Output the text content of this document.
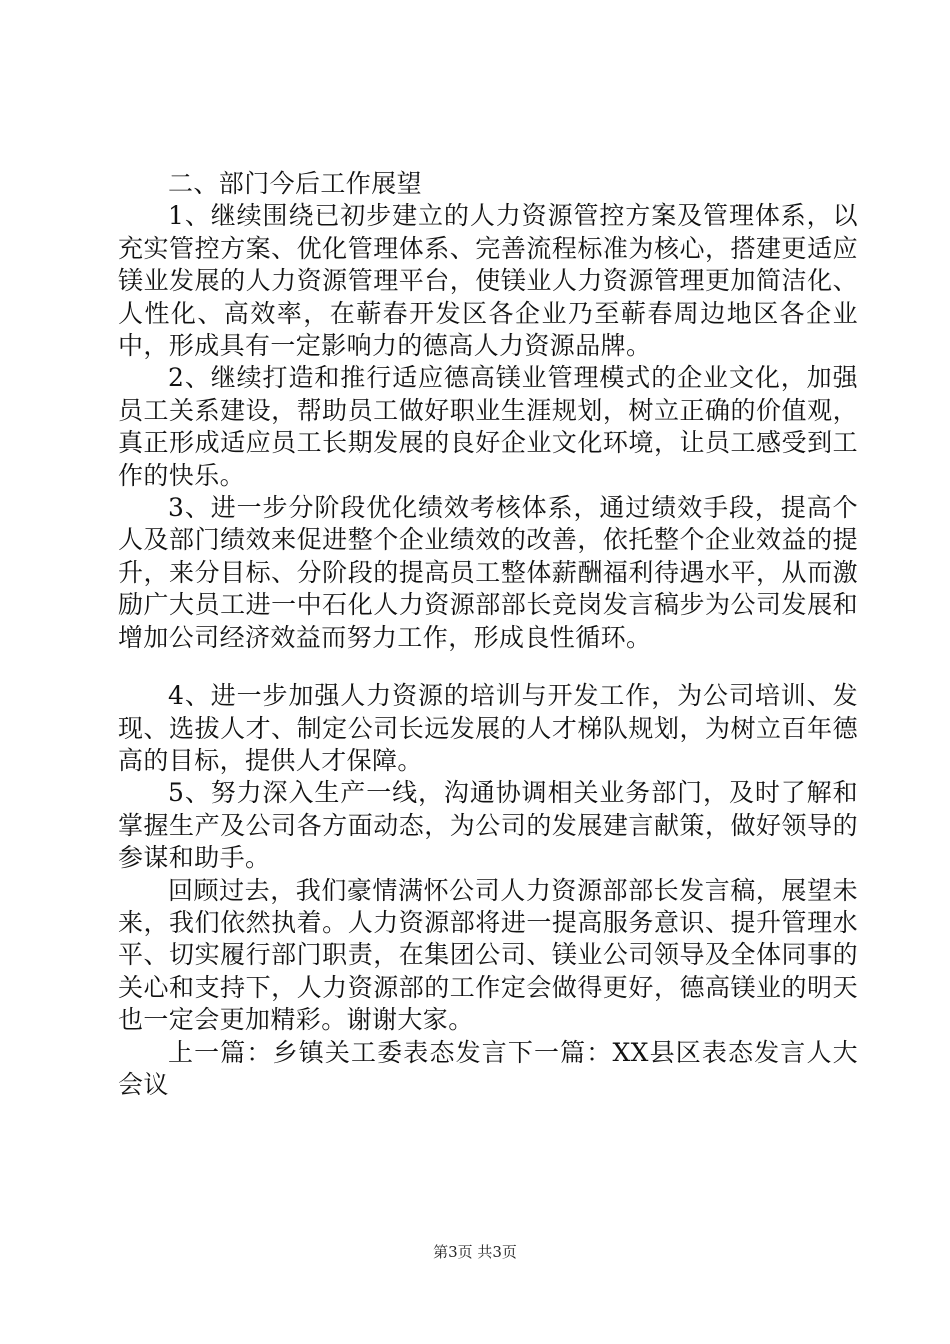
二、部门今后工作展望

1、继续围绕已初步建立的人力资源管控方案及管理体系，以充实管控方案、优化管理体系、完善流程标准为核心，搭建更适应镁业发展的人力资源管理平台，使镁业人力资源管理更加简洁化、人性化、高效率，在蕲春开发区各企业乃至蕲春周边地区各企业中，形成具有一定影响力的德高人力资源品牌。

2、继续打造和推行适应德高镁业管理模式的企业文化，加强员工关系建设，帮助员工做好职业生涯规划，树立正确的价值观，真正形成适应员工长期发展的良好企业文化环境，让员工感受到工作的快乐。

3、进一步分阶段优化绩效考核体系，通过绩效手段，提高个人及部门绩效来促进整个企业绩效的改善，依托整个企业效益的提升，来分目标、分阶段的提高员工整体薪酬福利待遇水平，从而激励广大员工进一中石化人力资源部部长竞岗发言稿步为公司发展和增加公司经济效益而努力工作，形成良性循环。

4、进一步加强人力资源的培训与开发工作，为公司培训、发现、选拔人才、制定公司长远发展的人才梯队规划，为树立百年德高的目标，提供人才保障。

5、努力深入生产一线，沟通协调相关业务部门，及时了解和掌握生产及公司各方面动态，为公司的发展建言献策，做好领导的参谋和助手。

回顾过去，我们豪情满怀公司人力资源部部长发言稿，展望未来，我们依然执着。人力资源部将进一提高服务意识、提升管理水平、切实履行部门职责，在集团公司、镁业公司领导及全体同事的关心和支持下，人力资源部的工作定会做得更好，德高镁业的明天也一定会更加精彩。谢谢大家。

上一篇：乡镇关工委表态发言下一篇：XX县区表态发言人大会议

第3页 共3页
